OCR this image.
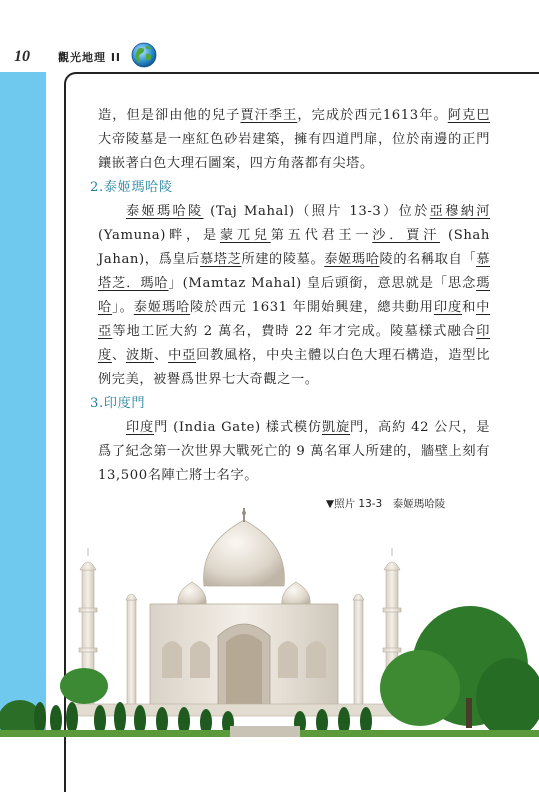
10	觀光地理 II

造，但是卻由他的兒子賈汗季王，完成於西元1613年。阿克巴大帝陵墓是一座紅色砂岩建築，擁有四道門扉，位於南邊的正門鑲嵌著白色大理石圖案，四方角落都有尖塔。

2.泰姬瑪哈陵

泰姬瑪哈陵 (Taj Mahal)（照片 13-3）位於亞穆納河 (Yamuna)畔，是蒙兀兒第五代君王一沙．賈汗 (Shah Jahan)，爲皇后慕塔芝所建的陵墓。泰姬瑪哈陵的名稱取自「慕塔芝．瑪哈」(Mamtaz Mahal) 皇后頭銜，意思就是「思念瑪哈」。泰姬瑪哈陵於西元 1631 年開始興建，總共動用印度和中亞等地工匠大約 2 萬名，費時 22 年才完成。陵墓樣式融合印度、波斯、中亞回教風格，中央主體以白色大理石構造，造型比例完美，被譽爲世界七大奇觀之一。

3.印度門

印度門 (India Gate) 樣式模仿凱旋門，高約 42 公尺，是爲了紀念第一次世界大戰死亡的 9 萬名軍人所建的，牆壁上刻有13,500名陣亡將士名字。

▼照片 13-3　泰姬瑪哈陵
